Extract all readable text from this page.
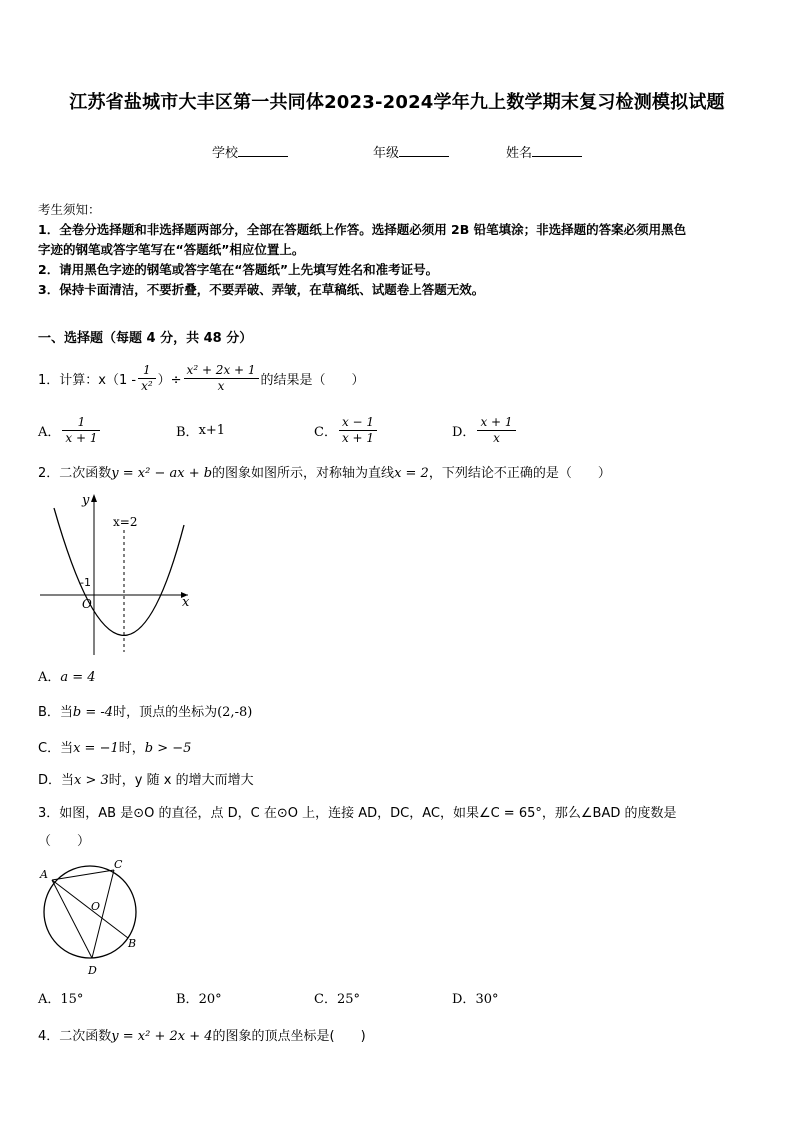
江苏省盐城市大丰区第一共同体2023-2024学年九上数学期末复习检测模拟试题
学校	年级	姓名
考生须知：
1．全卷分选择题和非选择题两部分，全部在答题纸上作答。选择题必须用 2B 铅笔填涂；非选择题的答案必须用黑色
字迹的钢笔或答字笔写在“答题纸”相应位置上。
2．请用黑色字迹的钢笔或答字笔在“答题纸”上先填写姓名和准考证号。
3．保持卡面清洁，不要折叠，不要弄破、弄皱，在草稿纸、试题卷上答题无效。
一、选择题（每题 4 分，共 48 分）
1．计算：$x(1 - \frac{1}{\text{x²}}$ ）÷ $\frac{\text{x² + 2x + 1}}{x}$ 的结果是（　　）
A． $\frac{1}{x + 1}$	B． x+1	C． $\frac{x - 1}{x + 1}$	D． $\frac{x + 1}{x}$
2．二次函数y = x² − ax + b的图象如图所示，对称轴为直线x = 2，下列结论不正确的是（　　）
y
x
O
-1
x=2
A．a = 4
B．当b = -4时，顶点的坐标为(2,-8)
C．当x = −1时，b > −5
D．当x > 3时，y 随 x 的增大而增大
3．如图，AB 是⊙O 的直径，点 D，C 在⊙O 上，连接 AD，DC，AC，如果∠C = 65°，那么∠BAD 的度数是
（　　）
A
C
B
D
O
A．15°	B．20°	C．25°	D．30°
4．二次函数y = x² + 2x + 4的图象的顶点坐标是(　　)
